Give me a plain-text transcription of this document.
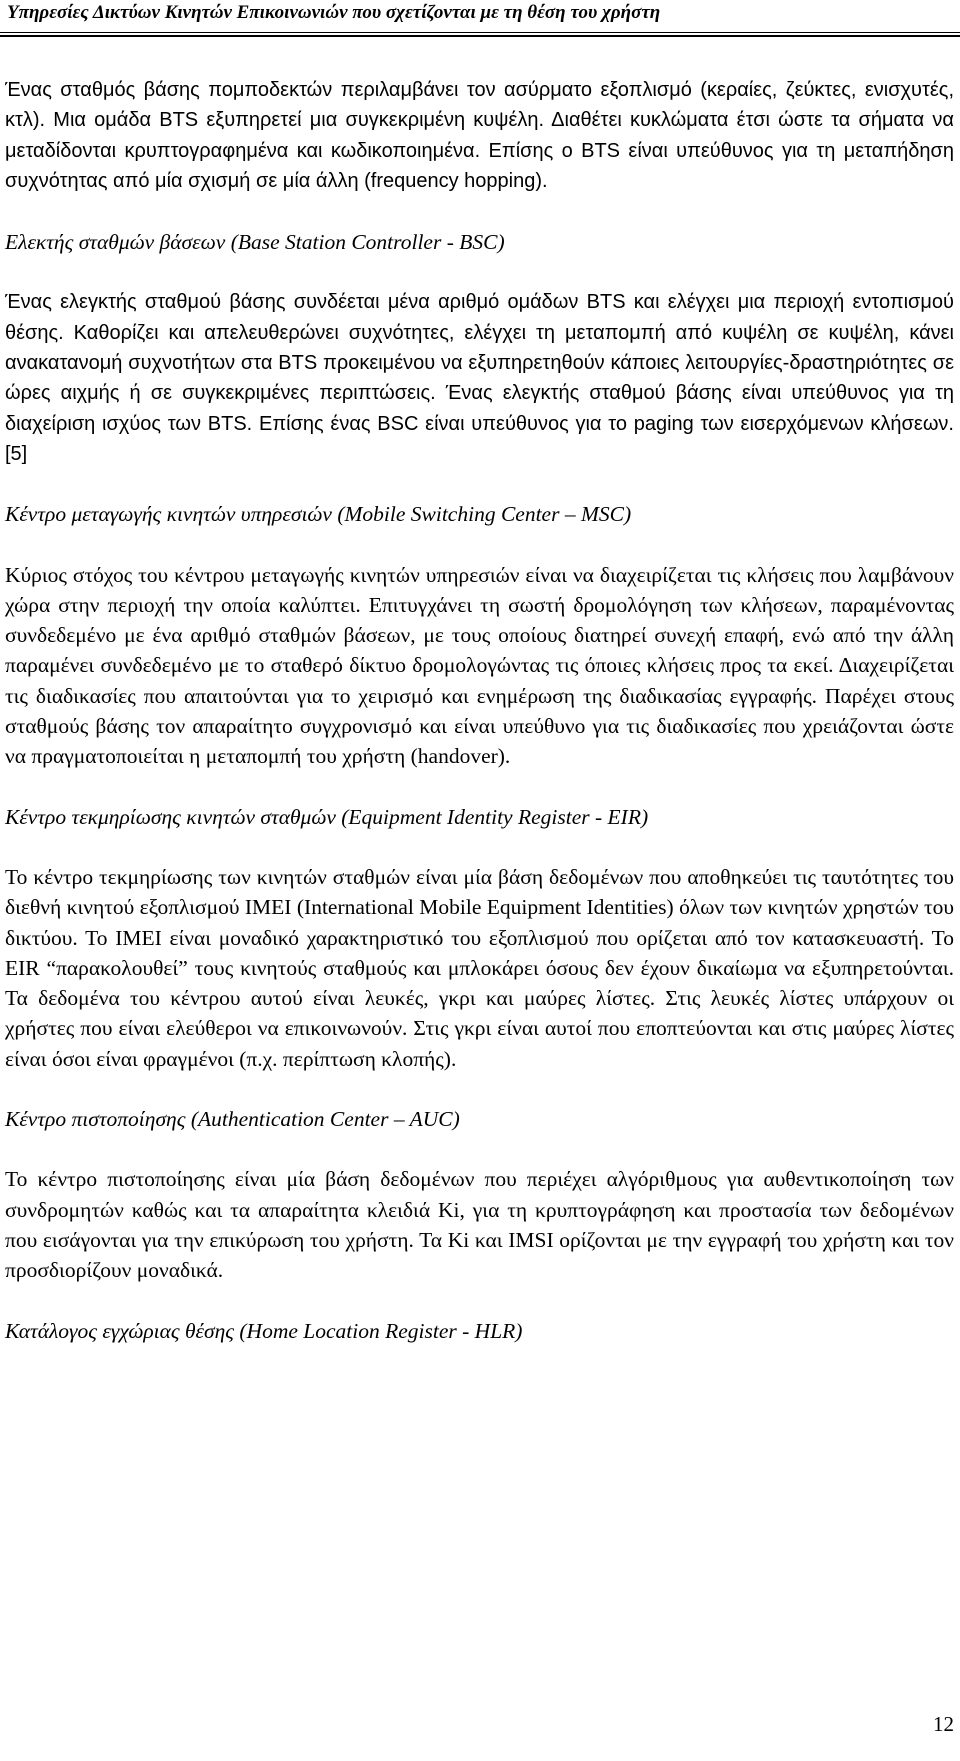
Υπηρεσίες Δικτύων Κινητών Επικοινωνιών που σχετίζονται με τη θέση του χρήστη

Ένας σταθμός βάσης πομποδεκτών περιλαμβάνει τον ασύρματο εξοπλισμό (κεραίες, ζεύκτες, ενισχυτές, κτλ). Μια ομάδα BTS εξυπηρετεί μια συγκεκριμένη κυψέλη. Διαθέτει κυκλώματα έτσι ώστε τα σήματα να μεταδίδονται κρυπτογραφημένα και κωδικοποιημένα. Επίσης ο BTS είναι υπεύθυνος για τη μεταπήδηση συχνότητας από μία σχισμή σε μία άλλη (frequency hopping).

Ελεκτής σταθμών βάσεων (Base Station Controller - BSC)

Ένας ελεγκτής σταθμού βάσης συνδέεται μένα αριθμό ομάδων BTS και ελέγχει μια περιοχή εντοπισμού θέσης. Καθορίζει και απελευθερώνει συχνότητες, ελέγχει τη μεταπομπή από κυψέλη σε κυψέλη, κάνει ανακατανομή συχνοτήτων στα BTS προκειμένου να εξυπηρετηθούν κάποιες λειτουργίες-δραστηριότητες σε ώρες αιχμής ή σε συγκεκριμένες περιπτώσεις. Ένας ελεγκτής σταθμού βάσης είναι υπεύθυνος για τη διαχείριση ισχύος των BTS. Επίσης ένας BSC είναι υπεύθυνος για το paging των εισερχόμενων κλήσεων. [5]

Κέντρο μεταγωγής κινητών υπηρεσιών (Mobile Switching Center – MSC)

Κύριος στόχος του κέντρου μεταγωγής κινητών υπηρεσιών είναι να διαχειρίζεται τις κλήσεις που λαμβάνουν χώρα στην περιοχή την οποία καλύπτει. Επιτυγχάνει τη σωστή δρομολόγηση των κλήσεων, παραμένοντας συνδεδεμένο με ένα αριθμό σταθμών βάσεων, με τους οποίους διατηρεί συνεχή επαφή, ενώ από την άλλη παραμένει συνδεδεμένο με το σταθερό δίκτυο δρομολογώντας τις όποιες κλήσεις προς τα εκεί. Διαχειρίζεται τις διαδικασίες που απαιτούνται για το χειρισμό και ενημέρωση της διαδικασίας εγγραφής. Παρέχει στους σταθμούς βάσης τον απαραίτητο συγχρονισμό και είναι υπεύθυνο για τις διαδικασίες που χρειάζονται ώστε να πραγματοποιείται η μεταπομπή του χρήστη (handover).

Κέντρο τεκμηρίωσης κινητών σταθμών (Equipment Identity Register - EIR)

Το κέντρο τεκμηρίωσης των κινητών σταθμών είναι μία βάση δεδομένων που αποθηκεύει τις ταυτότητες του διεθνή κινητού εξοπλισμού IMEI (International Mobile Equipment Identities) όλων των κινητών χρηστών του δικτύου. Το IMEI είναι μοναδικό χαρακτηριστικό του εξοπλισμού που ορίζεται από τον κατασκευαστή. Το EIR “παρακολουθεί” τους κινητούς σταθμούς και μπλοκάρει όσους δεν έχουν δικαίωμα να εξυπηρετούνται. Τα δεδομένα του κέντρου αυτού είναι λευκές, γκρι και μαύρες λίστες. Στις λευκές λίστες υπάρχουν οι χρήστες που είναι ελεύθεροι να επικοινωνούν. Στις γκρι είναι αυτοί που εποπτεύονται και στις μαύρες λίστες είναι όσοι είναι φραγμένοι (π.χ. περίπτωση κλοπής).

Κέντρο πιστοποίησης (Authentication Center – AUC)

Το κέντρο πιστοποίησης είναι μία βάση δεδομένων που περιέχει αλγόριθμους για αυθεντικοποίηση των συνδρομητών καθώς και τα απαραίτητα κλειδιά Ki, για τη κρυπτογράφηση και προστασία των δεδομένων που εισάγονται για την επικύρωση του χρήστη. Τα Ki και IMSI ορίζονται με την εγγραφή του χρήστη και τον προσδιορίζουν μοναδικά.

Κατάλογος εγχώριας θέσης (Home Location Register - HLR)

12
